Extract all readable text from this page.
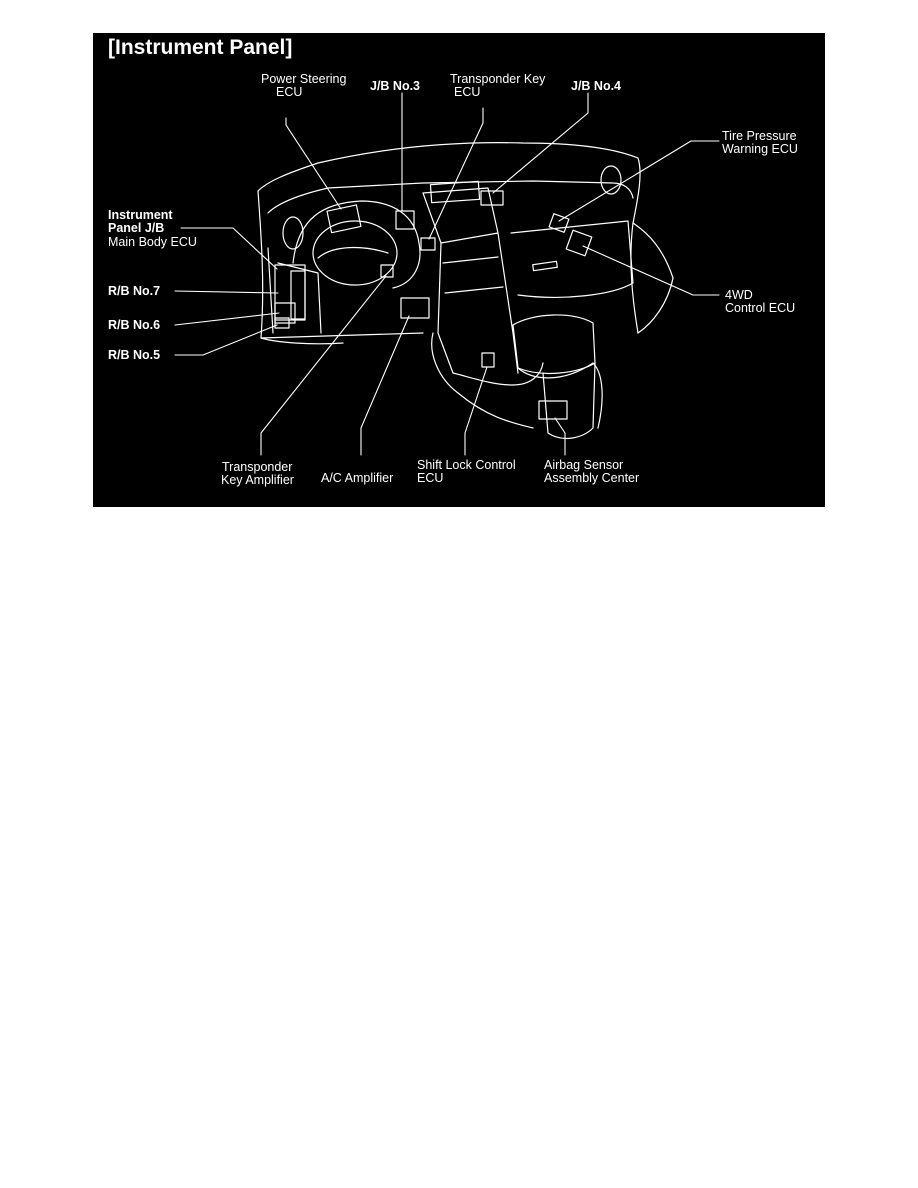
[Instrument Panel]
Power Steering
ECU	J/B No.3 Transponder Key
ECU	J/B No.4
Tire Pressure
Warning ECU
Instrument
Panel J/B
Main Body ECU
R/B No.7
R/B No.6
R/B No.5
4WD
Control ECU
Transponder
Key Amplifier A/C Amplifier
Shift Lock Control
ECU
Airbag Sensor
Assembly Center
